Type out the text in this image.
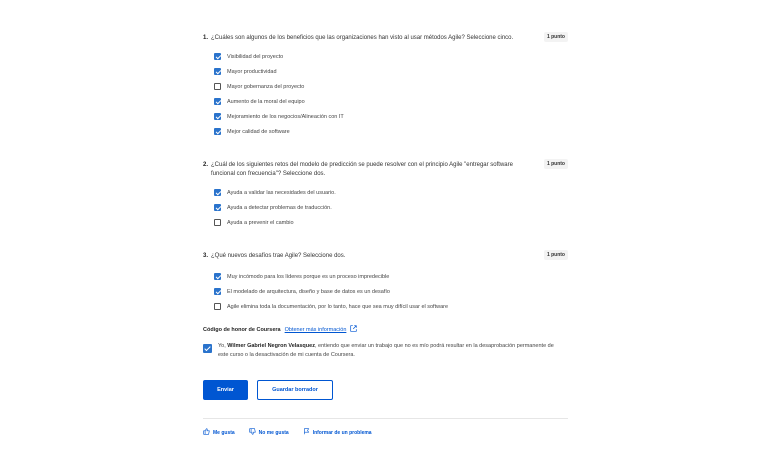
1. ¿Cuáles son algunos de los beneficios que las organizaciones han visto al usar métodos Agile? Seleccione cinco.	1 punto
Visibilidad del proyecto
Mayor productividad
Mayor gobernanza del proyecto
Aumento de la moral del equipo
Mejoramiento de los negocios/Alineación con IT
Mejor calidad de software
2. ¿Cuál de los siguientes retos del modelo de predicción se puede resolver con el principio Agile "entregar software funcional con frecuencia"? Seleccione dos.
1 punto
Ayuda a validar las necesidades del usuario.
Ayuda a detectar problemas de traducción.
Ayuda a prevenir el cambio
3. ¿Qué nuevos desafíos trae Agile? Seleccione dos.	1 punto
Muy incómodo para los líderes porque es un proceso impredecible
El modelado de arquitectura, diseño y base de datos es un desafío
Agile elimina toda la documentación, por lo tanto, hace que sea muy difícil usar el software
Código de honor de Coursera Obtener más información
Yo, Wilmer Gabriel Negron Velasquez, entiendo que enviar un trabajo que no es mío podrá resultar en la desaprobación permanente de este curso o la desactivación de mi cuenta de Coursera.
Enviar	Guardar borrador
Me gusta	No me gusta	Informar de un problema
